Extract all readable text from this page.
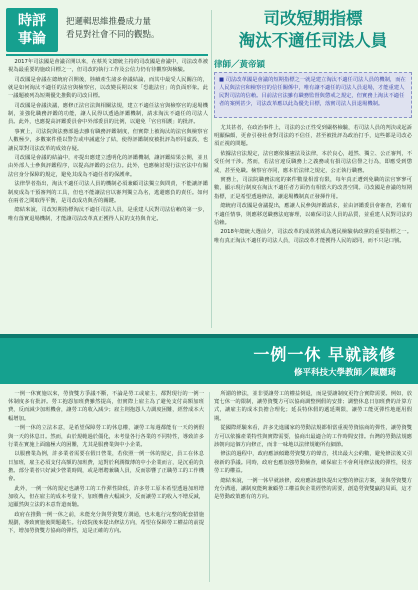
時評
事論
把邏輯思維推疊成力量
看見對社會不同的觀點。
司改短期指標
淘汰不適任司法人員
律師／黃帝穎
■ 司法改革國是會議的短期指標之一就是建立淘汰不適任司法人員的機制，而在人民與法官和檢察官的信任關係中，唯有讓不適任的司法人員退場，才能重建人民對司法的信賴。目前法官法雖有職務監督與懲戒之規定，但實務上淘汰不適任者的案例甚少，司法改革應以此為優先目標，落實司法人員退場機制。

2017年司法國是會議召開以來，在蔡英文總統主持的司改國是會議中，司法改革被視為最重要的施政目標之一，但司改的執行工作及公信力仍有待觀察與檢驗。

司改國是會議在總統府召開後，陸續產生諸多會議結論，而其中最受人民關注的，就是如何淘汰不適任的法官與檢察官，以改變長期以來「恐龍法官」的負面形象。此一議題被列為短期優先推動的司改目標。

司改國是會議決議，應修正法官法與相關法規，建立不適任法官與檢察官的退場機制，並強化職務評鑑的功能，讓人民得以透過評鑑機制，請求淘汰不適任的司法人員。此外，也應提高評鑑委員會中外部委員的比例，以避免「官官相護」的批評。

事實上，司法院與法務部過去雖有職務評鑑制度，但實際上被淘汰的法官與檢察官人數極少，多數案件僅以警告或申誡處分了結，使得評鑑制度被批評為形同虛設，也讓民眾對司法改革的成效存疑。

司改國是會議的結論中，亦提出應建立透明化的評鑑機制，讓評鑑結果公開，並且由外部人士參與評鑑程序，以提高評鑑的公信力。此外，也應檢討現行法官法中有關法官身分保障的規定，避免其成為不適任者的保護傘。

法律學者指出，淘汰不適任司法人員的機制必須兼顧司法獨立與問責，不能讓評鑑制度成為干預審判的工具，但也不能讓法官以審判獨立為名，逃避應負的責任。如何在兩者之間取得平衡，是司改成功與否的關鍵。

總結來說，司改短期指標淘汰不適任司法人員，是重建人民對司法信賴的第一步，唯有落實退場機制，才能讓司法改革真正獲得人民的支持與肯定。

尤其甚者，在政治事件上，司法的公正性受到嚴格檢驗，若司法人員的判決或起訴明顯偏頗，更會引發社會對司法的不信任，甚至被批評為政治打手，這些都是司改必須正視的問題。

依據法官法規定，法官應依據憲法及法律，本於良心，超然、獨立、公正審判，不受任何干涉。然而，若法官違反職務上之義務或有損司法信譽之行為，即應受到懲戒，甚至免職。檢察官亦同，應本於法律之規定，公正執行職務。

實務上，司法院職務法庭的案件數量相當有限，每年真正遭到免職的法官寥寥可數，顯示現行制度在淘汰不適任者方面仍有相當大的改善空間。司改國是會議的短期指標，正是希望透過修法，讓退場機制真正發揮作用。

總統府司改國是會議提出，應讓人民參與評鑑請求，並由評鑑委員會審查，若確有不適任情事，則應移送職務法庭審理，以確保司法人員的品質，並重建人民對司法的信賴。

2018年總統大選前夕，司法改革的成效將成為選民檢驗執政黨的重要指標之一。唯有真正淘汰不適任的司法人員，司法改革才能獲得人民的認同，而不只是口號。

一例一休 早就該修
修平科技大學教師／陳麗琦

一例一休實施以來，勞資雙方爭議不斷，不論是勞工或雇主，都對現行的一例一休制度多有批評。勞工抱怨加班費雖然提高，但實際上雇主為了避免支付高額加班費，反而減少加班機會，讓勞工的收入減少；雇主則抱怨人力調度困難，經營成本大幅增加。

一例一休的立法本意，是希望保障勞工的休息權，讓勞工每週都能有一天的例假與一天的休息日。然而，由於規範過於僵化，未考量各行各業的不同特性，導致許多行業在實施上面臨極大的困難，尤其是服務業與中小企業。

以服務業為例，許多業者需要在假日營業，若依照一例一休的規定，員工在休息日加班，雇主必須支付高額的加班費，這對於利潤微薄的中小企業而言，是沉重的負擔。部分業者只好減少營業時間，或是增聘兼職人員，反而影響了正職勞工的工作機會。

此外，一例一休的規定也讓勞工的工作彈性降低，許多勞工原本希望透過加班增加收入，但在雇主的成本考量下，加班機會大幅減少，反而讓勞工的收入不增反減，這顯然與立法的本意背道而馳。

政府在推動一例一休之前，未能充分與勞資雙方溝通，也未進行完整的配套措施規劃，導致實施後問題叢生。行政院後來提出修法方向，希望在保障勞工權益的前提下，增加勞資雙方協商的彈性，這是正確的方向。

所謂的修法，並非要讓勞工的權益倒退，而是要讓制度更符合實際需要。例如，放寬七休一的限制，讓勞資雙方可以協商調整例假的安排；調整休息日加班費的計算方式，讓雇主的成本負擔合理化；延長特休假的遞延期限，讓勞工能更彈性地運用假期。

從國際經驗來看，許多先進國家的勞動法規都相當重視勞資協商的彈性，讓勞資雙方可以依據產業特性與實際需要，協商出最適合的工作時間安排。台灣的勞動法規應該朝向這個方向修正，而非一味地以法律規範所有細節。

修法的過程中，政府應該傾聽勞資雙方的聲音，找出最大公約數，避免修法後又引發新的爭議。同時，政府也應加強勞動檢查，確保雇主不會利用修法後的彈性，侵害勞工的權益。

總結來說，一例一休早就該修，政府應該盡快提出完整的修法方案，並與勞資雙方充分溝通，讓制度能夠兼顧勞工權益與企業經營的需要，創造勞資雙贏的局面，這才是勞動政策應有的方向。
